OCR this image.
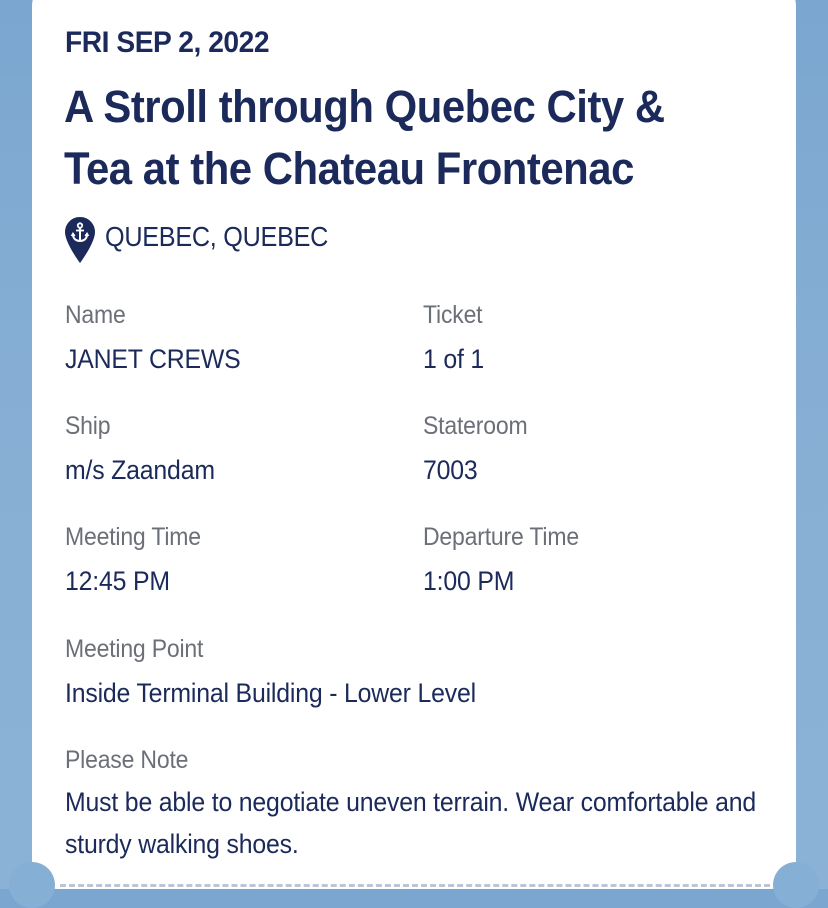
FRI SEP 2, 2022
A Stroll through Quebec City & Tea at the Chateau Frontenac
QUEBEC, QUEBEC
Name
JANET CREWS
Ticket
1 of 1
Ship
m/s Zaandam
Stateroom
7003
Meeting Time
12:45 PM
Departure Time
1:00 PM
Meeting Point
Inside Terminal Building - Lower Level
Please Note
Must be able to negotiate uneven terrain. Wear comfortable and sturdy walking shoes.
